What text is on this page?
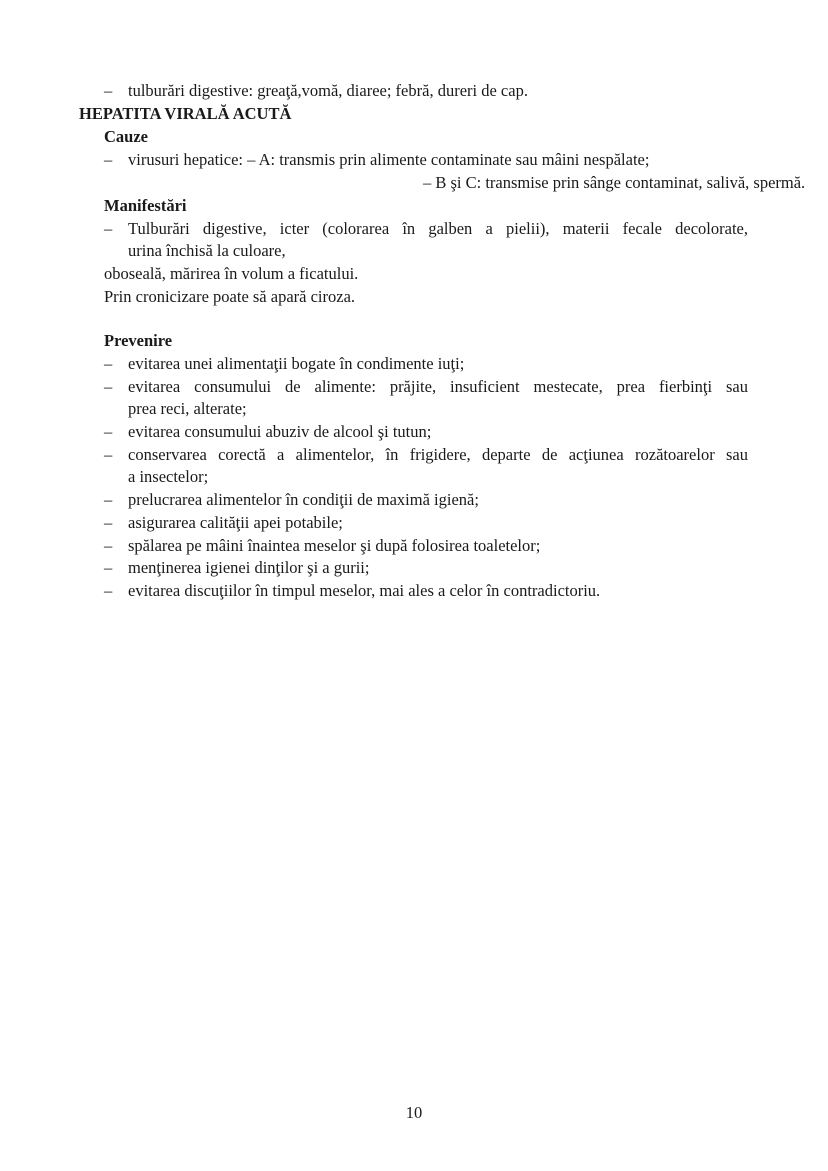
– tulburări digestive: greaţă,vomă, diaree; febră, dureri de cap.
HEPATITA VIRALĂ ACUTĂ
Cauze
– virusuri hepatice: – A: transmis prin alimente contaminate sau mâini nespălate;
– B şi C: transmise prin sânge contaminat, salivă, spermă.
Manifestări
– Tulburări digestive, icter (colorarea în galben a pielii), materii fecale decolorate,
urina închisă la culoare,
oboseală, mărirea în volum a ficatului.
Prin cronicizare poate să apară ciroza.
Prevenire
– evitarea unei alimentaţii bogate în condimente iuţi;
– evitarea consumului de alimente: prăjite, insuficient mestecate, prea fierbinţi sau
prea reci, alterate;
– evitarea consumului abuziv de alcool şi tutun;
– conservarea corectă a alimentelor, în frigidere, departe de acţiunea rozătoarelor sau
a insectelor;
– prelucrarea alimentelor în condiţii de maximă igienă;
– asigurarea calităţii apei potabile;
– spălarea pe mâini înaintea meselor şi după folosirea toaletelor;
– menţinerea igienei dinţilor şi a gurii;
– evitarea discuţiilor în timpul meselor, mai ales a celor în contradictoriu.
10
